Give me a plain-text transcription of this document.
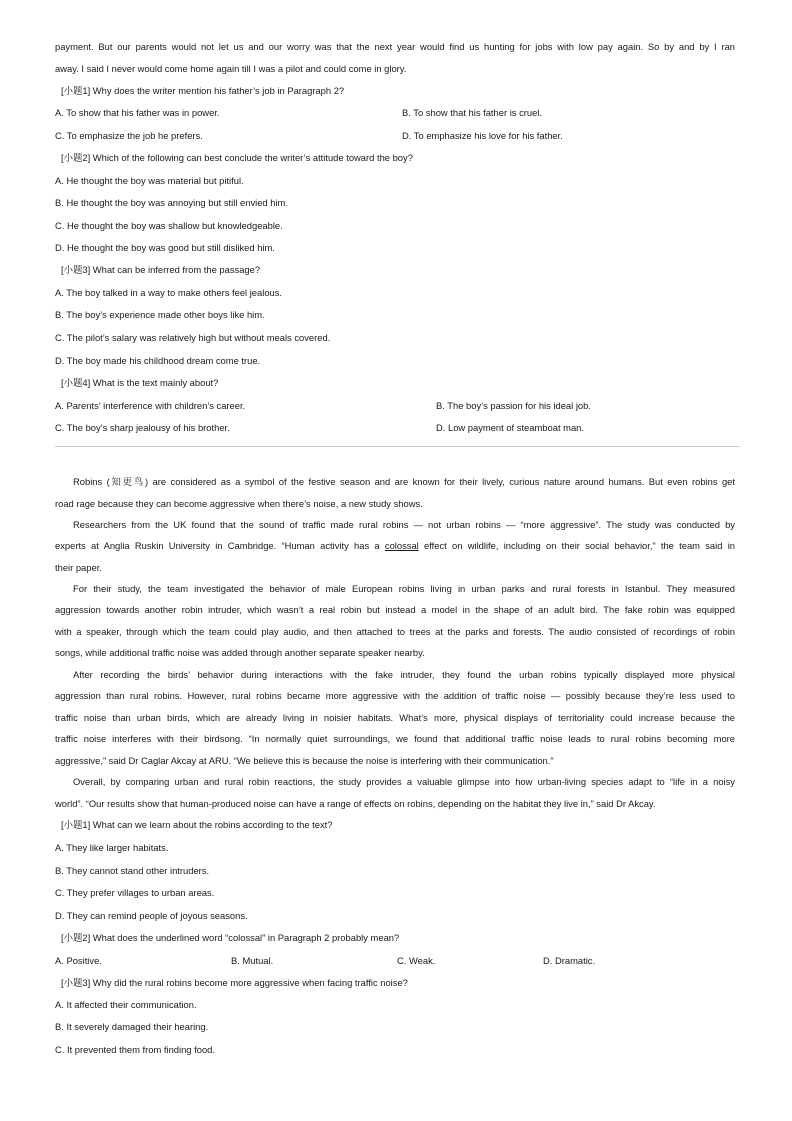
payment. But our parents would not let us and our worry was that the next year would find us hunting for jobs with low pay again. So by and by I ran
away. I said I never would come home again till I was a pilot and could come in glory.
[小题1] Why does the writer mention his father’s job in Paragraph 2?
A. To show that his father was in power.	B. To show that his father is cruel.
C. To emphasize the job he prefers.	D. To emphasize his love for his father.
[小题2] Which of the following can best conclude the writer’s attitude toward the boy?
A. He thought the boy was material but pitiful.
B. He thought the boy was annoying but still envied him.
C. He thought the boy was shallow but knowledgeable.
D. He thought the boy was good but still disliked him.
[小题3] What can be inferred from the passage?
A. The boy talked in a way to make others feel jealous.
B. The boy’s experience made other boys like him.
C. The pilot’s salary was relatively high but without meals covered.
D. The boy made his childhood dream come true.
[小题4] What is the text mainly about?
A. Parents’ interference with children’s career.	B. The boy’s passion for his ideal job.
C. The boy’s sharp jealousy of his brother.	D. Low payment of steamboat man.
Robins (知更鸟) are considered as a symbol of the festive season and are known for their lively, curious nature around humans. But even robins get
road rage because they can become aggressive when there’s noise, a new study shows.
Researchers from the UK found that the sound of traffic made rural robins — not urban robins — “more aggressive”. The study was conducted by
experts at Anglia Ruskin University in Cambridge. “Human activity has a colossal effect on wildlife, including on their social behavior,” the team said in
their paper.
For their study, the team investigated the behavior of male European robins living in urban parks and rural forests in Istanbul. They measured
aggression towards another robin intruder, which wasn’t a real robin but instead a model in the shape of an adult bird. The fake robin was equipped
with a speaker, through which the team could play audio, and then attached to trees at the parks and forests. The audio consisted of recordings of robin
songs, while additional traffic noise was added through another separate speaker nearby.
After recording the birds’ behavior during interactions with the fake intruder, they found the urban robins typically displayed more physical
aggression than rural robins. However, rural robins became more aggressive with the addition of traffic noise — possibly because they’re less used to
traffic noise than urban birds, which are already living in noisier habitats. What’s more, physical displays of territoriality could increase because the
traffic noise interferes with their birdsong. “In normally quiet surroundings, we found that additional traffic noise leads to rural robins becoming more
aggressive,” said Dr Caglar Akcay at ARU. “We believe this is because the noise is interfering with their communication.”
Overall, by comparing urban and rural robin reactions, the study provides a valuable glimpse into how urban-living species adapt to “life in a noisy
world”. “Our results show that human-produced noise can have a range of effects on robins, depending on the habitat they live in,” said Dr Akcay.
[小题1] What can we learn about the robins according to the text?
A. They like larger habitats.
B. They cannot stand other intruders.
C. They prefer villages to urban areas.
D. They can remind people of joyous seasons.
[小题2] What does the underlined word “colossal” in Paragraph 2 probably mean?
A. Positive.	B. Mutual.	C. Weak.	D. Dramatic.
[小题3] Why did the rural robins become more aggressive when facing traffic noise?
A. It affected their communication.
B. It severely damaged their hearing.
C. It prevented them from finding food.
